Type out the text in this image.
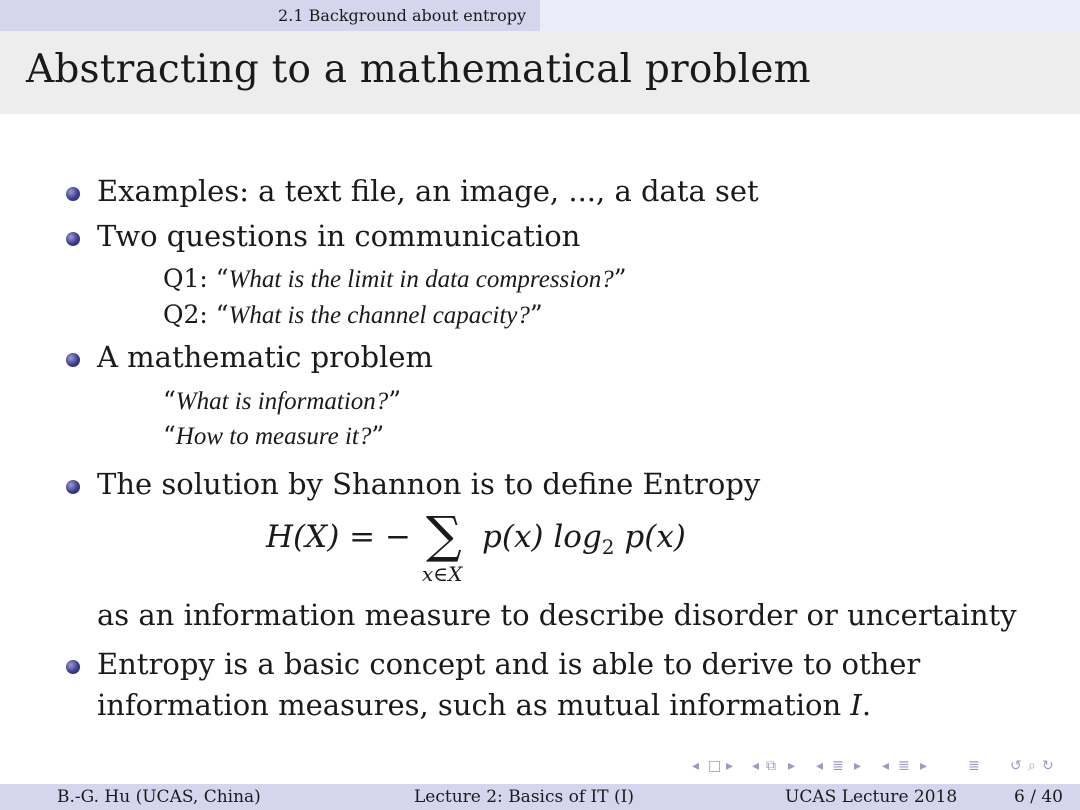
2.1 Background about entropy
Abstracting to a mathematical problem
Examples: a text file, an image, ..., a data set
Two questions in communication
Q1: “What is the limit in data compression?”
Q2: “What is the channel capacity?”
A mathematic problem
“What is information?”
“How to measure it?”
The solution by Shannon is to define Entropy
H(X) = − ∑
x∈X
p(x) $\log_2 p(x)$
as an information measure to describe disorder or uncertainty
Entropy is a basic concept and is able to derive to other
information measures, such as mutual information I.
◂ □ ▸ ◂ ⧉ ▸ ◂ ≣ ▸ ◂ ≣ ▸	≣ ↺ ⌕ ↻
B.-G. Hu (UCAS, China)	Lecture 2: Basics of IT (I)	UCAS Lecture 2018	6 / 40
